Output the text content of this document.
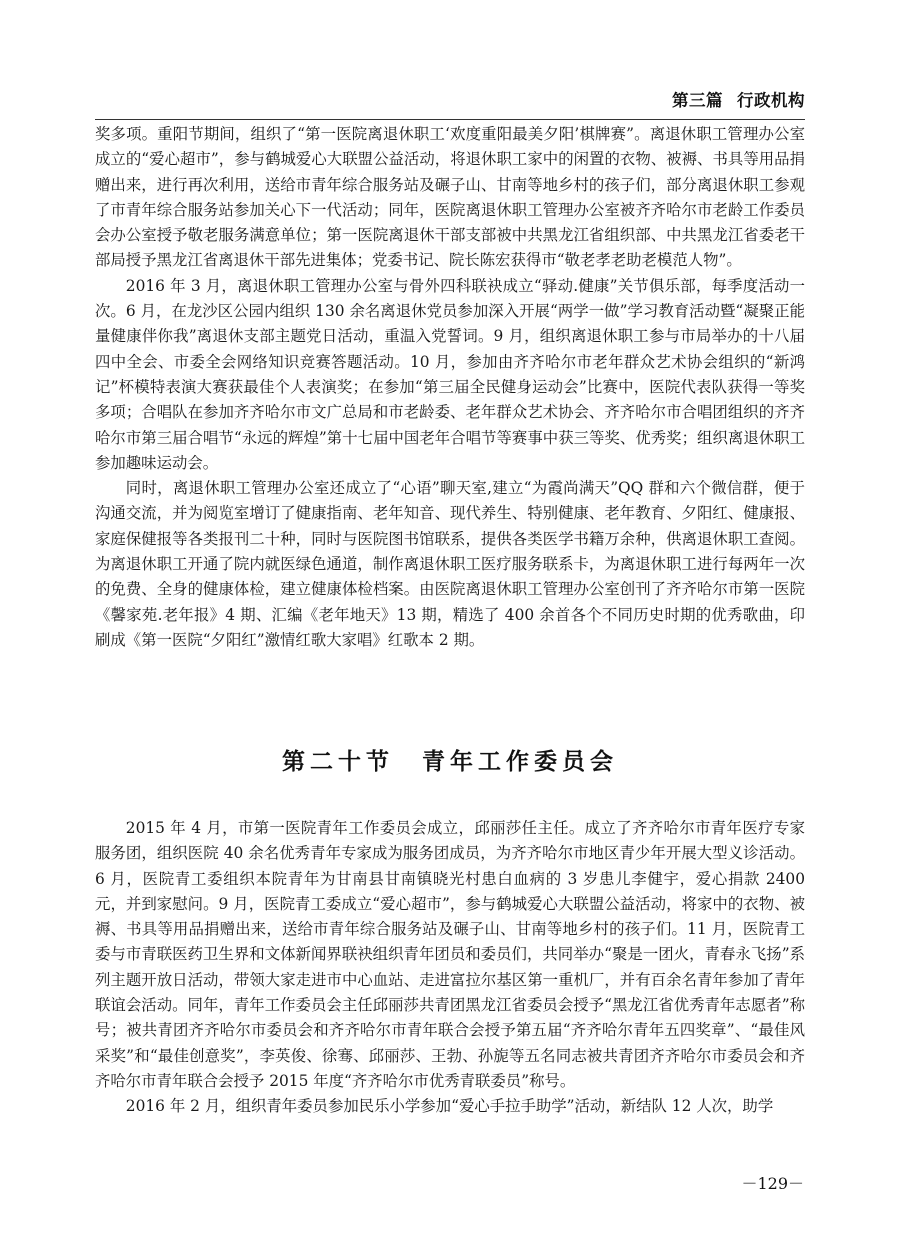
第三篇 行政机构

奖多项。重阳节期间，组织了“第一医院离退休职工‘欢度重阳最美夕阳’棋牌赛”。离退休职工管理办公室成立的“爱心超市”，参与鹤城爱心大联盟公益活动，将退休职工家中的闲置的衣物、被褥、书具等用品捐赠出来，进行再次利用，送给市青年综合服务站及碾子山、甘南等地乡村的孩子们，部分离退休职工参观了市青年综合服务站参加关心下一代活动；同年，医院离退休职工管理办公室被齐齐哈尔市老龄工作委员会办公室授予敬老服务满意单位；第一医院离退休干部支部被中共黑龙江省组织部、中共黑龙江省委老干部局授予黑龙江省离退休干部先进集体；党委书记、院长陈宏获得市“敬老孝老助老模范人物”。

2016 年 3 月，离退休职工管理办公室与骨外四科联袂成立“驿动.健康”关节俱乐部，每季度活动一次。6 月，在龙沙区公园内组织 130 余名离退休党员参加深入开展“两学一做”学习教育活动暨“凝聚正能量健康伴你我”离退休支部主题党日活动，重温入党誓词。9 月，组织离退休职工参与市局举办的十八届四中全会、市委全会网络知识竞赛答题活动。10 月，参加由齐齐哈尔市老年群众艺术协会组织的“新鸿记”杯模特表演大赛获最佳个人表演奖；在参加“第三届全民健身运动会”比赛中，医院代表队获得一等奖多项；合唱队在参加齐齐哈尔市文广总局和市老龄委、老年群众艺术协会、齐齐哈尔市合唱团组织的齐齐哈尔市第三届合唱节“永远的辉煌”第十七届中国老年合唱节等赛事中获三等奖、优秀奖；组织离退休职工参加趣味运动会。

同时，离退休职工管理办公室还成立了“心语”聊天室,建立“为霞尚满天”QQ 群和六个微信群，便于沟通交流，并为阅览室增订了健康指南、老年知音、现代养生、特别健康、老年教育、夕阳红、健康报、家庭保健报等各类报刊二十种，同时与医院图书馆联系，提供各类医学书籍万余种，供离退休职工查阅。为离退休职工开通了院内就医绿色通道，制作离退休职工医疗服务联系卡，为离退休职工进行每两年一次的免费、全身的健康体检，建立健康体检档案。由医院离退休职工管理办公室创刊了齐齐哈尔市第一医院《馨家苑.老年报》4 期、汇编《老年地天》13 期，精选了 400 余首各个不同历史时期的优秀歌曲，印刷成《第一医院“夕阳红”激情红歌大家唱》红歌本 2 期。

第二十节 青年工作委员会

2015 年 4 月，市第一医院青年工作委员会成立，邱丽莎任主任。成立了齐齐哈尔市青年医疗专家服务团，组织医院 40 余名优秀青年专家成为服务团成员，为齐齐哈尔市地区青少年开展大型义诊活动。6 月，医院青工委组织本院青年为甘南县甘南镇晓光村患白血病的 3 岁患儿李健宇，爱心捐款 2400 元，并到家慰问。9 月，医院青工委成立“爱心超市”，参与鹤城爱心大联盟公益活动，将家中的衣物、被褥、书具等用品捐赠出来，送给市青年综合服务站及碾子山、甘南等地乡村的孩子们。11 月，医院青工委与市青联医药卫生界和文体新闻界联袂组织青年团员和委员们，共同举办“聚是一团火，青春永飞扬”系列主题开放日活动，带领大家走进市中心血站、走进富拉尔基区第一重机厂，并有百余名青年参加了青年联谊会活动。同年，青年工作委员会主任邱丽莎共青团黑龙江省委员会授予“黑龙江省优秀青年志愿者”称号；被共青团齐齐哈尔市委员会和齐齐哈尔市青年联合会授予第五届“齐齐哈尔青年五四奖章”、“最佳风采奖”和“最佳创意奖”，李英俊、徐骞、邱丽莎、王勃、孙旎等五名同志被共青团齐齐哈尔市委员会和齐齐哈尔市青年联合会授予 2015 年度“齐齐哈尔市优秀青联委员”称号。

2016 年 2 月，组织青年委员参加民乐小学参加“爱心手拉手助学”活动，新结队 12 人次，助学

－129－
